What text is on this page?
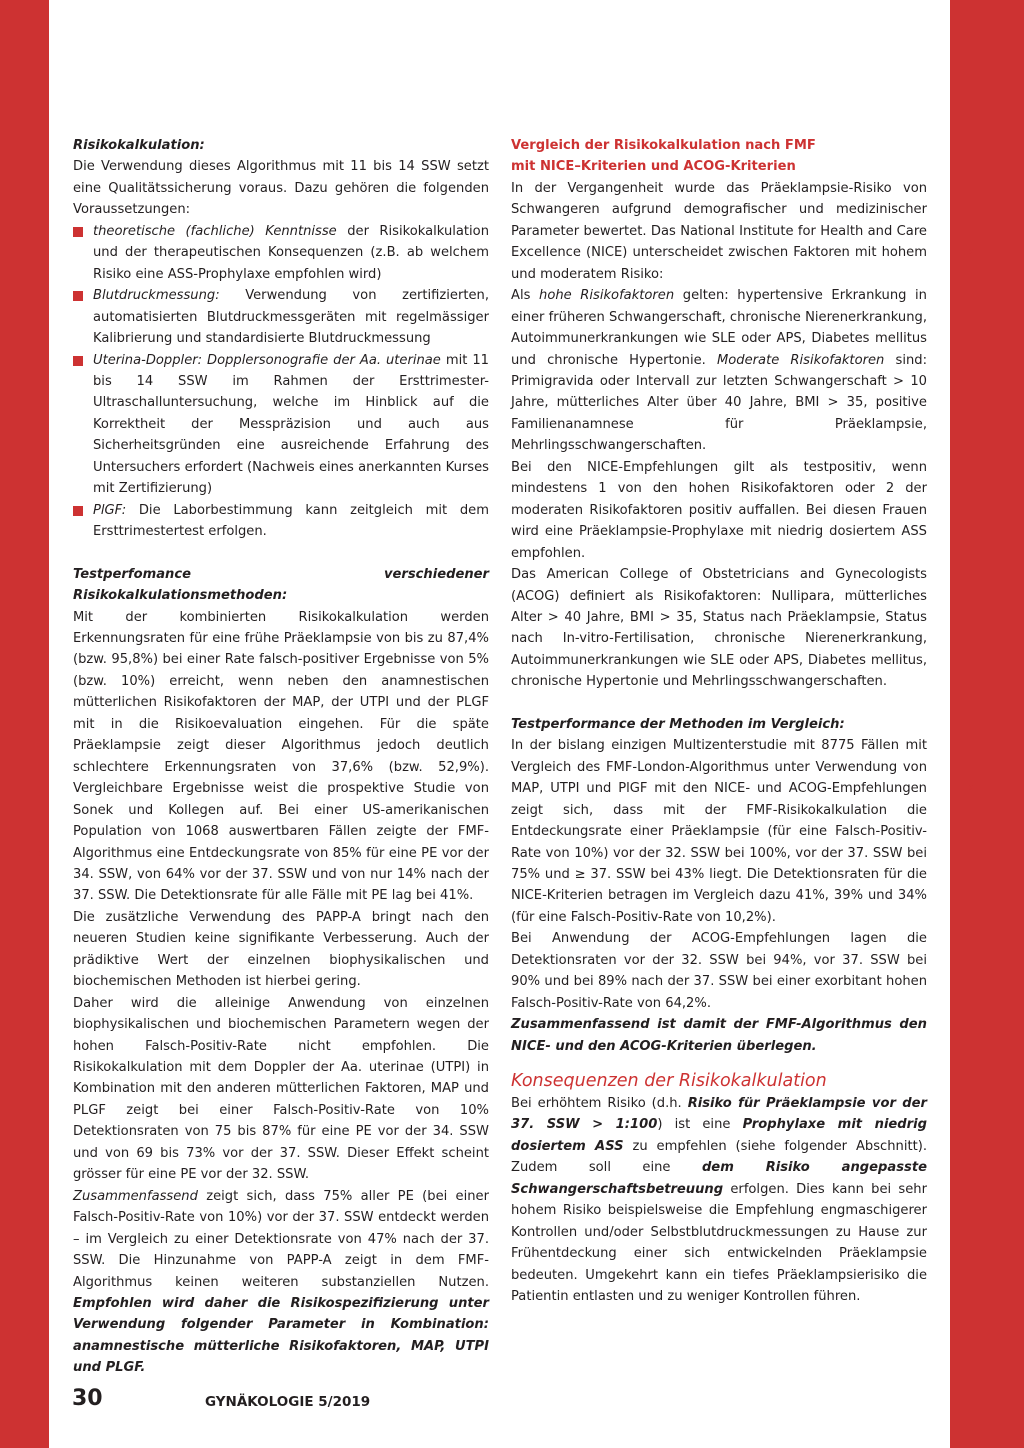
IIb
IIb
IIb

Risikokalkulation:

Die Verwendung dieses Algorithmus mit 11 bis 14 SSW setzt eine Qualitätssicherung voraus. Dazu gehören die folgenden Voraussetzungen:

theoretische (fachliche) Kenntnisse der Risikokalkulation und der therapeutischen Konsequenzen (z.B. ab welchem Risiko eine ASS-Prophylaxe empfohlen wird)
Blutdruckmessung: Verwendung von zertifizierten, automatisierten Blutdruckmessgeräten mit regelmässiger Kalibrierung und standardisierte Blutdruckmessung
Uterina-Doppler: Dopplersonografie der Aa. uterinae mit 11 bis 14 SSW im Rahmen der Ersttrimester-Ultraschalluntersuchung, welche im Hinblick auf die Korrektheit der Messpräzision und auch aus Sicherheitsgründen eine ausreichende Erfahrung des Untersuchers erfordert (Nachweis eines anerkannten Kurses mit Zertifizierung)
PlGF: Die Laborbestimmung kann zeitgleich mit dem Ersttrimestertest erfolgen.

Testperfomance verschiedener Risikokalkulationsmethoden:

Mit der kombinierten Risikokalkulation werden Erkennungsraten für eine frühe Präeklampsie von bis zu 87,4% (bzw. 95,8%) bei einer Rate falsch-positiver Ergebnisse von 5% (bzw. 10%) erreicht, wenn neben den anamnestischen mütterlichen Risikofaktoren der MAP, der UTPI und der PLGF mit in die Risikoevaluation eingehen. Für die späte Präeklampsie zeigt dieser Algorithmus jedoch deutlich schlechtere Erkennungsraten von 37,6% (bzw. 52,9%). Vergleichbare Ergebnisse weist die prospektive Studie von Sonek und Kollegen auf. Bei einer US-amerikanischen Population von 1068 auswertbaren Fällen zeigte der FMF-Algorithmus eine Entdeckungsrate von 85% für eine PE vor der 34. SSW, von 64% vor der 37. SSW und von nur 14% nach der 37. SSW. Die Detektionsrate für alle Fälle mit PE lag bei 41%.

Die zusätzliche Verwendung des PAPP-A bringt nach den neueren Studien keine signifikante Verbesserung. Auch der prädiktive Wert der einzelnen biophysikalischen und biochemischen Methoden ist hierbei gering.

Daher wird die alleinige Anwendung von einzelnen biophysikalischen und biochemischen Parametern wegen der hohen Falsch-Positiv-Rate nicht empfohlen. Die Risikokalkulation mit dem Doppler der Aa. uterinae (UTPI) in Kombination mit den anderen mütterlichen Faktoren, MAP und PLGF zeigt bei einer Falsch-Positiv-Rate von 10% Detektionsraten von 75 bis 87% für eine PE vor der 34. SSW und von 69 bis 73% vor der 37. SSW. Dieser Effekt scheint grösser für eine PE vor der 32. SSW.

Zusammenfassend zeigt sich, dass 75% aller PE (bei einer Falsch-Positiv-Rate von 10%) vor der 37. SSW entdeckt werden – im Vergleich zu einer Detektionsrate von 47% nach der 37. SSW. Die Hinzunahme von PAPP-A zeigt in dem FMF-Algorithmus keinen weiteren substanziellen Nutzen. Empfohlen wird daher die Risikospezifizierung unter Verwendung folgender Parameter in Kombination: anamnestische mütterliche Risikofaktoren, MAP, UTPI und PLGF.

Vergleich der Risikokalkulation nach FMF
mit NICE–Kriterien und ACOG-Kriterien

In der Vergangenheit wurde das Präeklampsie-Risiko von Schwangeren aufgrund demografischer und medizinischer Parameter bewertet. Das National Institute for Health and Care Excellence (NICE) unterscheidet zwischen Faktoren mit hohem und moderatem Risiko:

Als hohe Risikofaktoren gelten: hypertensive Erkrankung in einer früheren Schwangerschaft, chronische Nierenerkrankung, Autoimmunerkrankungen wie SLE oder APS, Diabetes mellitus und chronische Hypertonie. Moderate Risikofaktoren sind: Primigravida oder Intervall zur letzten Schwangerschaft > 10 Jahre, mütterliches Alter über 40 Jahre, BMI > 35, positive Familienanamnese für Präeklampsie, Mehrlingsschwangerschaften.

Bei den NICE-Empfehlungen gilt als testpositiv, wenn mindestens 1 von den hohen Risikofaktoren oder 2 der moderaten Risikofaktoren positiv auffallen. Bei diesen Frauen wird eine Präeklampsie-Prophylaxe mit niedrig dosiertem ASS empfohlen.

Das American College of Obstetricians and Gynecologists (ACOG) definiert als Risikofaktoren: Nullipara, mütterliches Alter > 40 Jahre, BMI > 35, Status nach Präeklampsie, Status nach In-vitro-Fertilisation, chronische Nierenerkrankung, Autoimmunerkrankungen wie SLE oder APS, Diabetes mellitus, chronische Hypertonie und Mehrlingsschwangerschaften.

Testperformance der Methoden im Vergleich:

In der bislang einzigen Multizenterstudie mit 8775 Fällen mit Vergleich des FMF-London-Algorithmus unter Verwendung von MAP, UTPI und PlGF mit den NICE- und ACOG-Empfehlungen zeigt sich, dass mit der FMF-Risikokalkulation die Entdeckungsrate einer Präeklampsie (für eine Falsch-Positiv-Rate von 10%) vor der 32. SSW bei 100%, vor der 37. SSW bei 75% und ≥ 37. SSW bei 43% liegt. Die Detektionsraten für die NICE-Kriterien betragen im Vergleich dazu 41%, 39% und 34% (für eine Falsch-Positiv-Rate von 10,2%).

Bei Anwendung der ACOG-Empfehlungen lagen die Detektionsraten vor der 32. SSW bei 94%, vor 37. SSW bei 90% und bei 89% nach der 37. SSW bei einer exorbitant hohen Falsch-Positiv-Rate von 64,2%.

Zusammenfassend ist damit der FMF-Algorithmus den NICE- und den ACOG-Kriterien überlegen.

Konsequenzen der Risikokalkulation

Bei erhöhtem Risiko (d.h. Risiko für Präeklampsie vor der 37. SSW > 1:100) ist eine Prophylaxe mit niedrig dosiertem ASS zu empfehlen (siehe folgender Abschnitt). Zudem soll eine dem Risiko angepasste Schwangerschaftsbetreuung erfolgen. Dies kann bei sehr hohem Risiko beispielsweise die Empfehlung engmaschigerer Kontrollen und/oder Selbstblutdruckmessungen zu Hause zur Frühentdeckung einer sich entwickelnden Präeklampsie bedeuten. Umgekehrt kann ein tiefes Präeklampsierisiko die Patientin entlasten und zu weniger Kontrollen führen.

30	GYNÄKOLOGIE 5/2019
